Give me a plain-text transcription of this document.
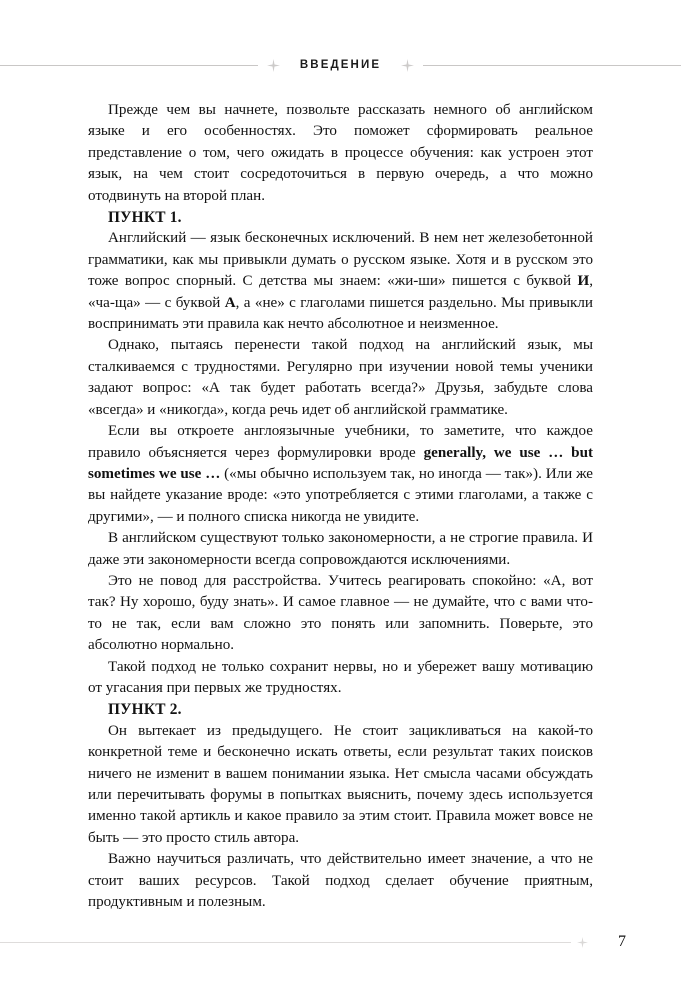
ВВЕДЕНИЕ

Прежде чем вы начнете, позвольте рассказать немного об английском языке и его особенностях. Это поможет сформировать реальное представление о том, чего ожидать в процессе обучения: как устроен этот язык, на чем стоит сосредоточиться в первую очередь, а что можно отодвинуть на второй план.

ПУНКТ 1.

Английский — язык бесконечных исключений. В нем нет железобетонной грамматики, как мы привыкли думать о русском языке. Хотя и в русском это тоже вопрос спорный. С детства мы знаем: «жи-ши» пишется с буквой И, «ча-ща» — с буквой А, а «не» с глаголами пишется раздельно. Мы привыкли воспринимать эти правила как нечто абсолютное и неизменное.

Однако, пытаясь перенести такой подход на английский язык, мы сталкиваемся с трудностями. Регулярно при изучении новой темы ученики задают вопрос: «А так будет работать всегда?» Друзья, забудьте слова «всегда» и «никогда», когда речь идет об английской грамматике.

Если вы откроете англоязычные учебники, то заметите, что каждое правило объясняется через формулировки вроде generally, we use … but sometimes we use … («мы обычно используем так, но иногда — так»). Или же вы найдете указание вроде: «это употребляется с этими глаголами, а также с другими», — и полного списка никогда не увидите.

В английском существуют только закономерности, а не строгие правила. И даже эти закономерности всегда сопровождаются исключениями.

Это не повод для расстройства. Учитесь реагировать спокойно: «А, вот так? Ну хорошо, буду знать». И самое главное — не думайте, что с вами что-то не так, если вам сложно это понять или запомнить. Поверьте, это абсолютно нормально.

Такой подход не только сохранит нервы, но и убережет вашу мотивацию от угасания при первых же трудностях.

ПУНКТ 2.

Он вытекает из предыдущего. Не стоит зацикливаться на какой-то конкретной теме и бесконечно искать ответы, если результат таких поисков ничего не изменит в вашем понимании языка. Нет смысла часами обсуждать или перечитывать форумы в попытках выяснить, почему здесь используется именно такой артикль и какое правило за этим стоит. Правила может вовсе не быть — это просто стиль автора.

Важно научиться различать, что действительно имеет значение, а что не стоит ваших ресурсов. Такой подход сделает обучение приятным, продуктивным и полезным.

7
